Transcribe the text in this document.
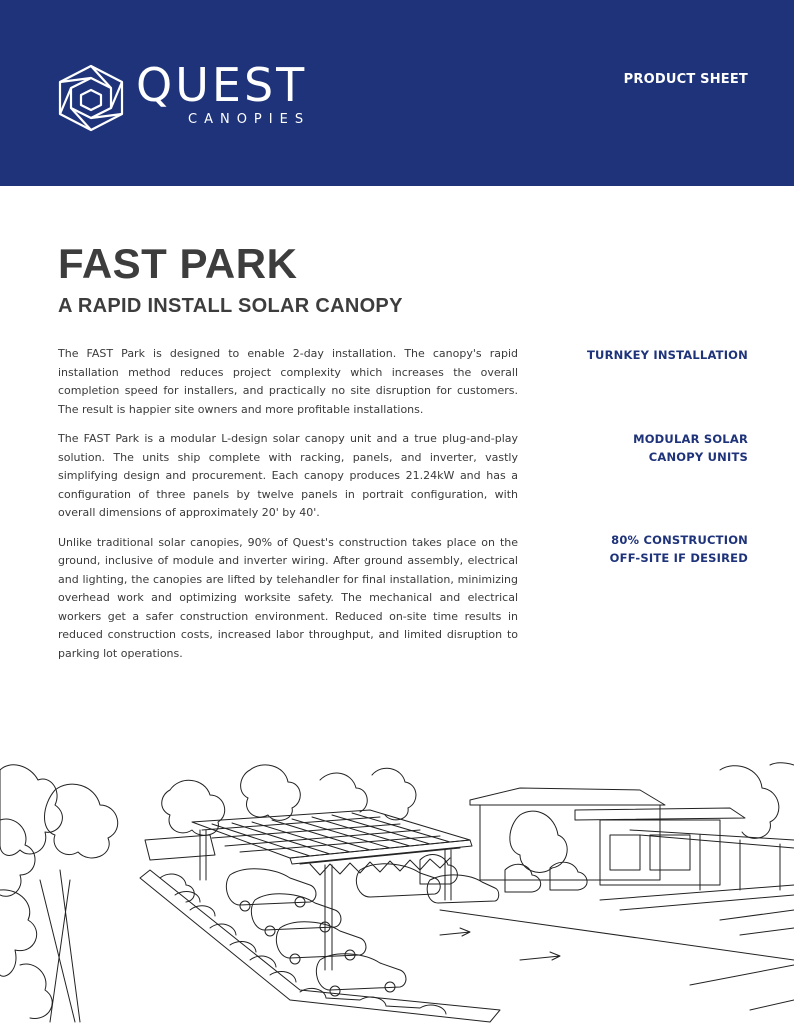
QUEST
CANOPIES
PRODUCT SHEET
FAST PARK
A RAPID INSTALL SOLAR CANOPY

The FAST Park is designed to enable 2-day installation. The canopy's rapid installation method reduces project complexity which increases the overall completion speed for installers, and practically no site disruption for customers. The result is happier site owners and more profitable installations.

The FAST Park is a modular L-design solar canopy unit and a true plug-and-play solution. The units ship complete with racking, panels, and inverter, vastly simplifying design and procurement. Each canopy produces 21.24kW and has a configuration of three panels by twelve panels in portrait configuration, with overall dimensions of approximately 20' by 40'.

Unlike traditional solar canopies, 90% of Quest's construction takes place on the ground, inclusive of module and inverter wiring. After ground assembly, electrical and lighting, the canopies are lifted by telehandler for final installation, minimizing overhead work and optimizing worksite safety. The mechanical and electrical workers get a safer construction environment. Reduced on-site time results in reduced construction costs, increased labor throughput, and limited disruption to parking lot operations.

TURNKEY INSTALLATION
MODULAR SOLAR
CANOPY UNITS
80% CONSTRUCTION
OFF-SITE IF DESIRED
